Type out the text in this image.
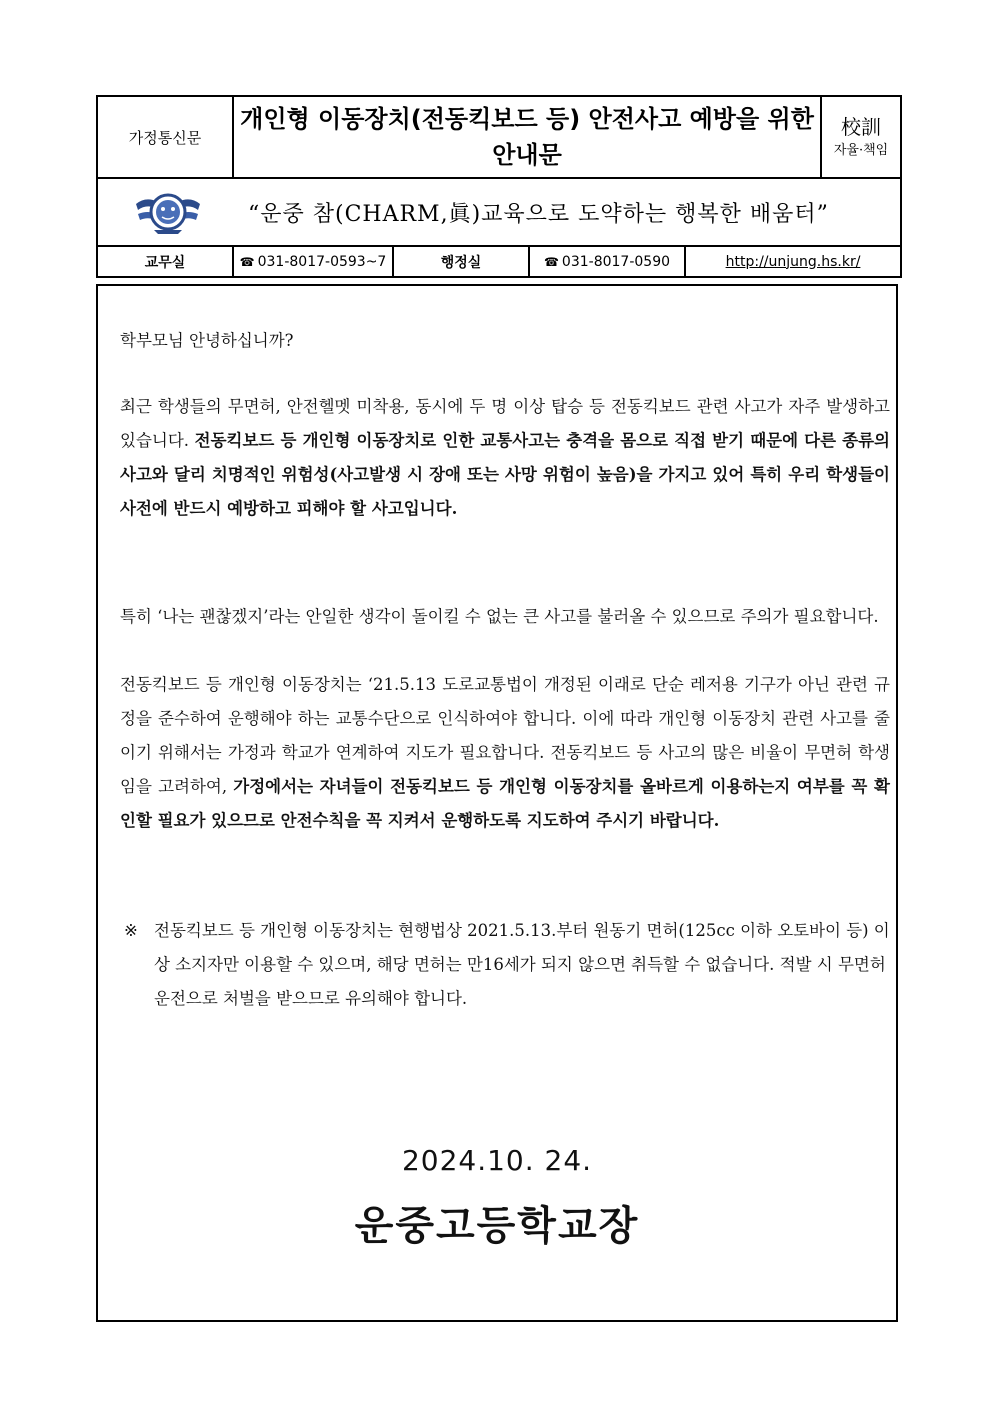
가정통신문	개인형 이동장치(전동킥보드 등) 안전사고 예방을 위한 안내문				校訓
자율·책임

“운중 참(CHARM,眞)교육으로 도약하는 행복한 배움터”					
교무실	☎ 031-8017-0593~7	행정실	☎ 031-8017-0590	http://unjung.hs.kr/	
학부모님 안녕하십니까?
최근 학생들의 무면허, 안전헬멧 미착용, 동시에 두 명 이상 탑승 등 전동킥보드 관련 사고가 자주 발생하고 있습니다. 전동킥보드 등 개인형 이동장치로 인한 교통사고는 충격을 몸으로 직접 받기 때문에 다른 종류의 사고와 달리 치명적인 위험성(사고발생 시 장애 또는 사망 위험이 높음)을 가지고 있어 특히 우리 학생들이 사전에 반드시 예방하고 피해야 할 사고입니다.
특히 ‘나는 괜찮겠지’라는 안일한 생각이 돌이킬 수 없는 큰 사고를 불러올 수 있으므로 주의가 필요합니다.
전동킥보드 등 개인형 이동장치는 ‘21.5.13 도로교통법이 개정된 이래로 단순 레저용 기구가 아닌 관련 규정을 준수하여 운행해야 하는 교통수단으로 인식하여야 합니다. 이에 따라 개인형 이동장치 관련 사고를 줄이기 위해서는 가정과 학교가 연계하여 지도가 필요합니다. 전동킥보드 등 사고의 많은 비율이 무면허 학생임을 고려하여, 가정에서는 자녀들이 전동킥보드 등 개인형 이동장치를 올바르게 이용하는지 여부를 꼭 확인할 필요가 있으므로 안전수칙을 꼭 지켜서 운행하도록 지도하여 주시기 바랍니다.
※ 전동킥보드 등 개인형 이동장치는 현행법상 2021.5.13.부터 원동기 면허(125cc 이하 오토바이 등) 이상 소지자만 이용할 수 있으며, 해당 면허는 만16세가 되지 않으면 취득할 수 없습니다. 적발 시 무면허 운전으로 처벌을 받으므로 유의해야 합니다.
2024.10. 24.
운중고등학교장
